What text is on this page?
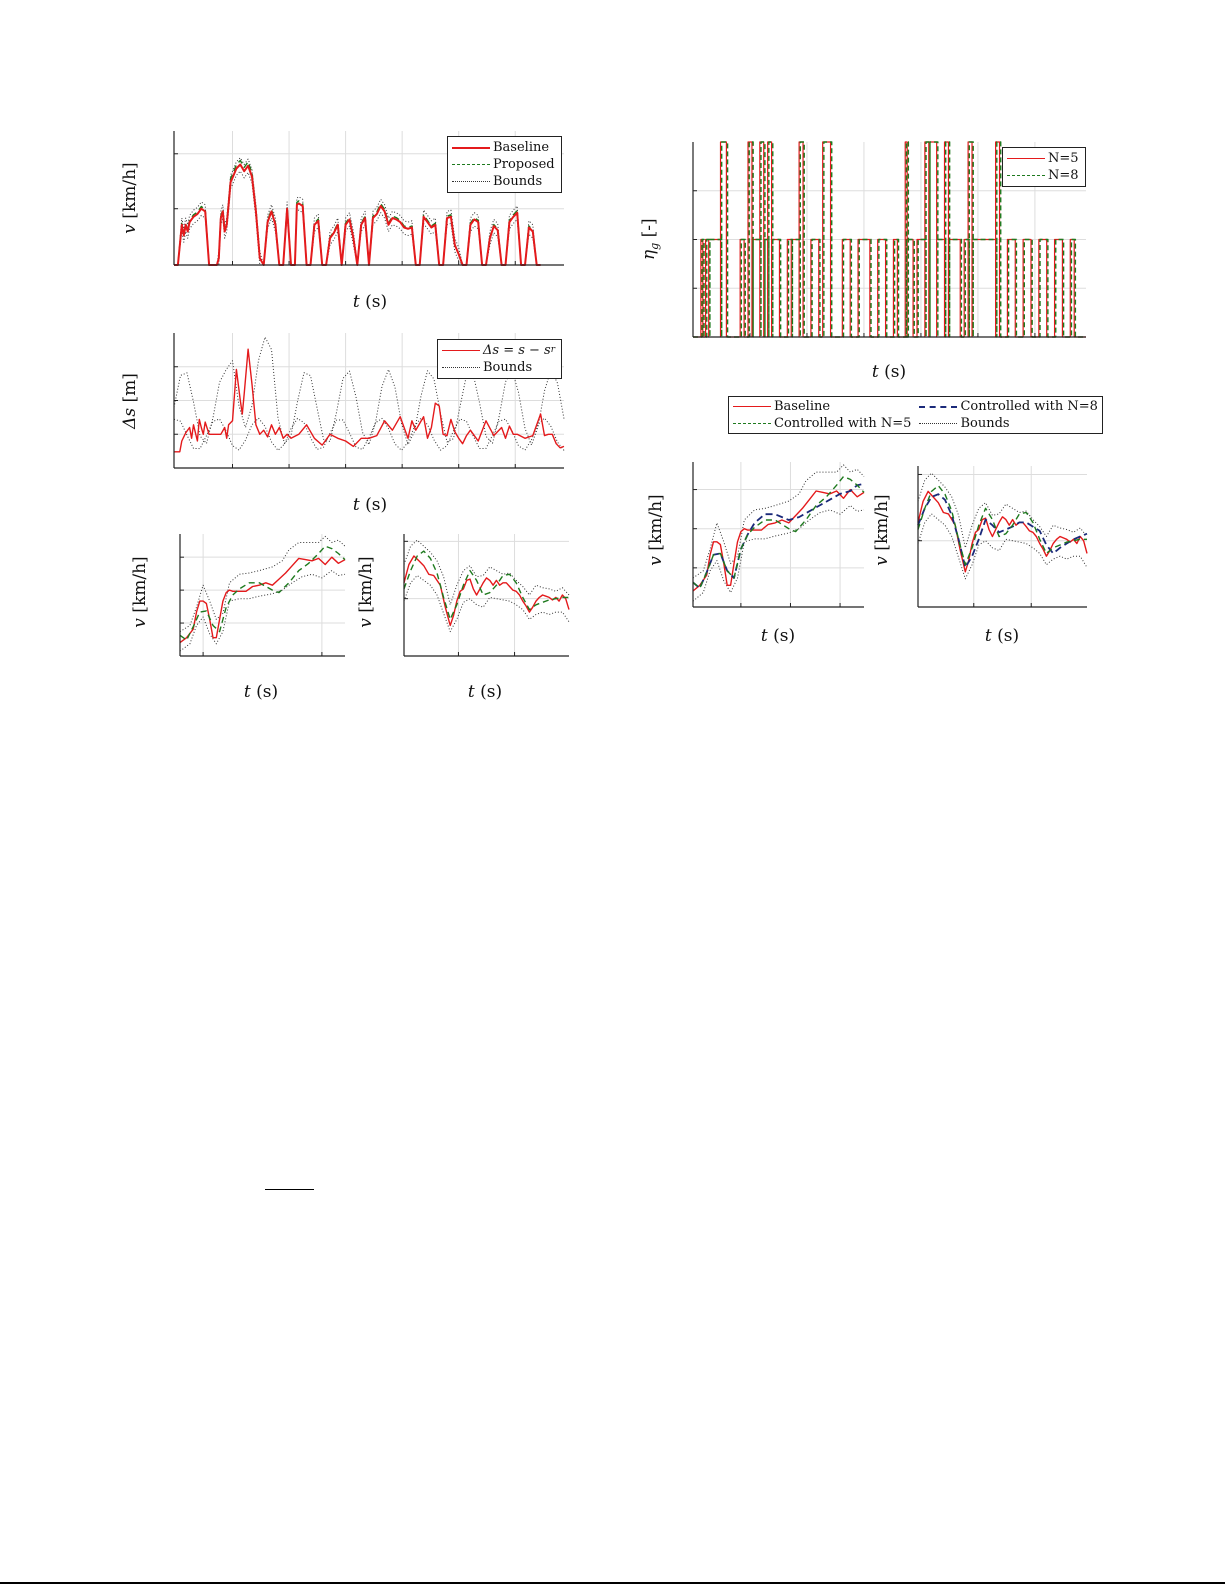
v [km/h]
t (s)
Baseline
Proposed
Bounds
Δs [m]
t (s)
Δs = s − s r
Bounds
v [km/h]
t (s)
v [km/h]
t (s)
$\eta_g$ [-]
t (s)
N=5
N=8
Baseline	Controlled with N=8
Controlled with N=5	Bounds
v [km/h]
t (s)
v [km/h]
t (s)
